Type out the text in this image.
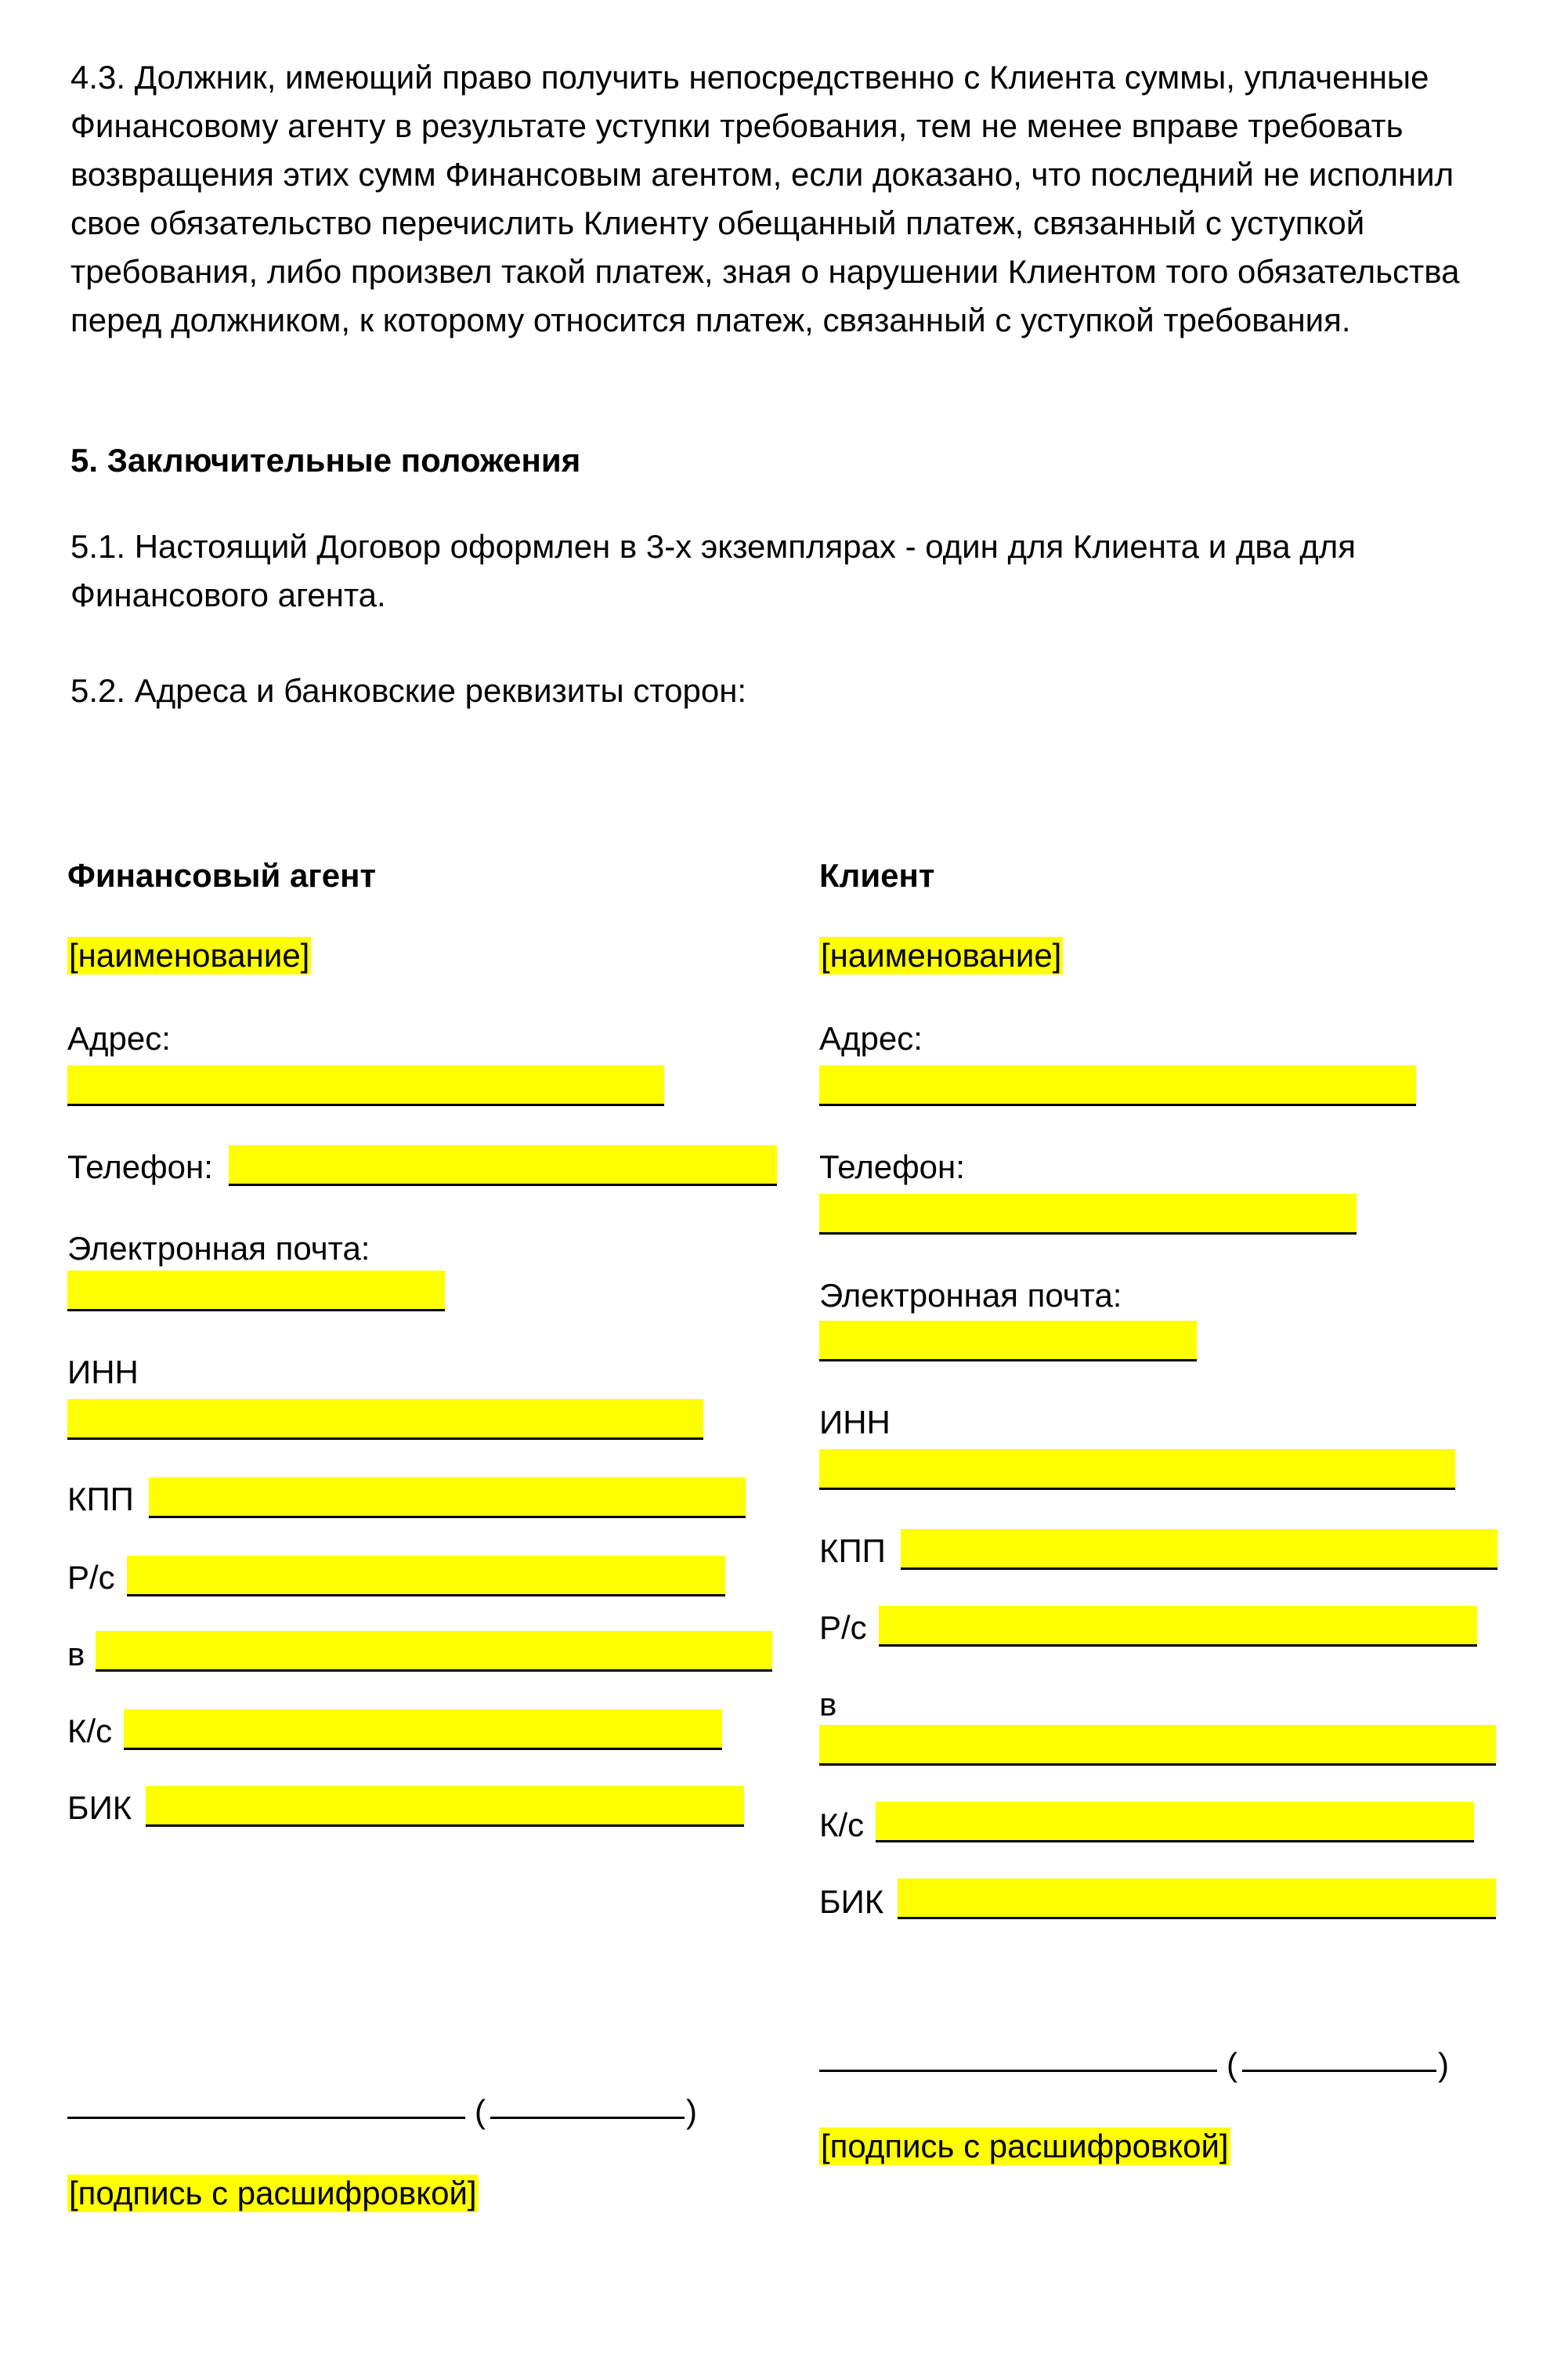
4.3. Должник, имеющий право получить непосредственно с Клиента суммы, уплаченные Финансовому агенту в результате уступки требования, тем не менее вправе требовать возвращения этих сумм Финансовым агентом, если доказано, что последний не исполнил свое обязательство перечислить Клиенту обещанный платеж, связанный с уступкой требования, либо произвел такой платеж, зная о нарушении Клиентом того обязательства перед должником, к которому относится платеж, связанный с уступкой требования.

5. Заключительные положения

5.1. Настоящий Договор оформлен в 3-х экземплярах - один для Клиента и два для Финансового агента.

5.2. Адреса и банковские реквизиты сторон:

Финансовый агент
[наименование]
Адрес:
Телефон:
Электронная почта:
ИНН
КПП
Р/с
в
К/с
БИК
(	)
[подпись с расшифровкой]
Клиент
[наименование]
Адрес:
Телефон:
Электронная почта:
ИНН
КПП
Р/с
в
К/с
БИК
(	)
[подпись с расшифровкой]
